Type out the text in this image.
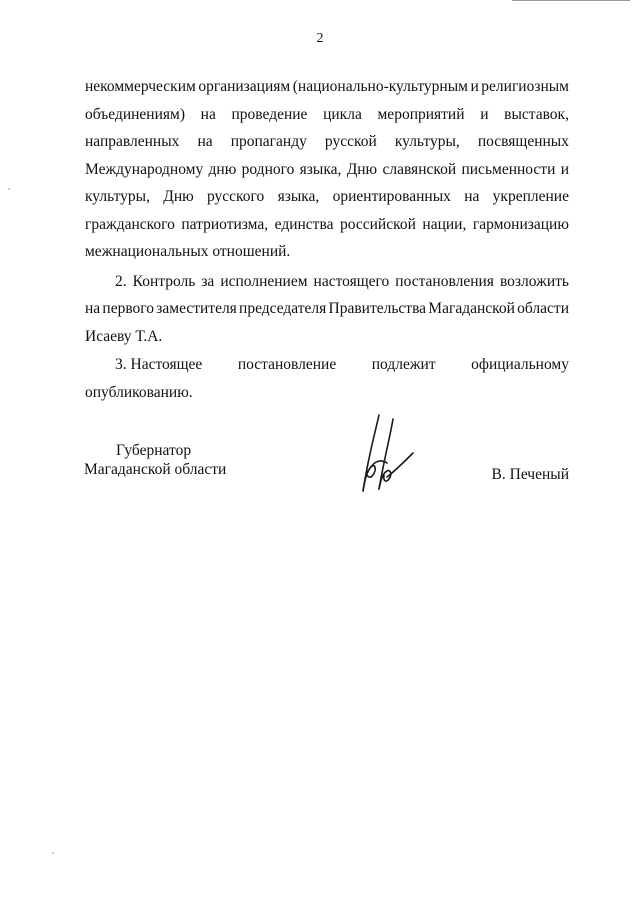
2
некоммерческим организациям (национально-культурным и религиозным
объединениям) на проведение цикла мероприятий и выставок,
направленных на пропаганду русской культуры, посвященных
Международному дню родного языка, Дню славянской письменности и
культуры, Дню русского языка, ориентированных на укрепление
гражданского патриотизма, единства российской нации, гармонизацию
межнациональных отношений.
2. Контроль за исполнением настоящего постановления возложить
на первого заместителя председателя Правительства Магаданской области
Исаеву Т.А.
3. Настоящее постановление подлежит официальному
опубликованию.
Губернатор
Магаданской области	В. Печеный
